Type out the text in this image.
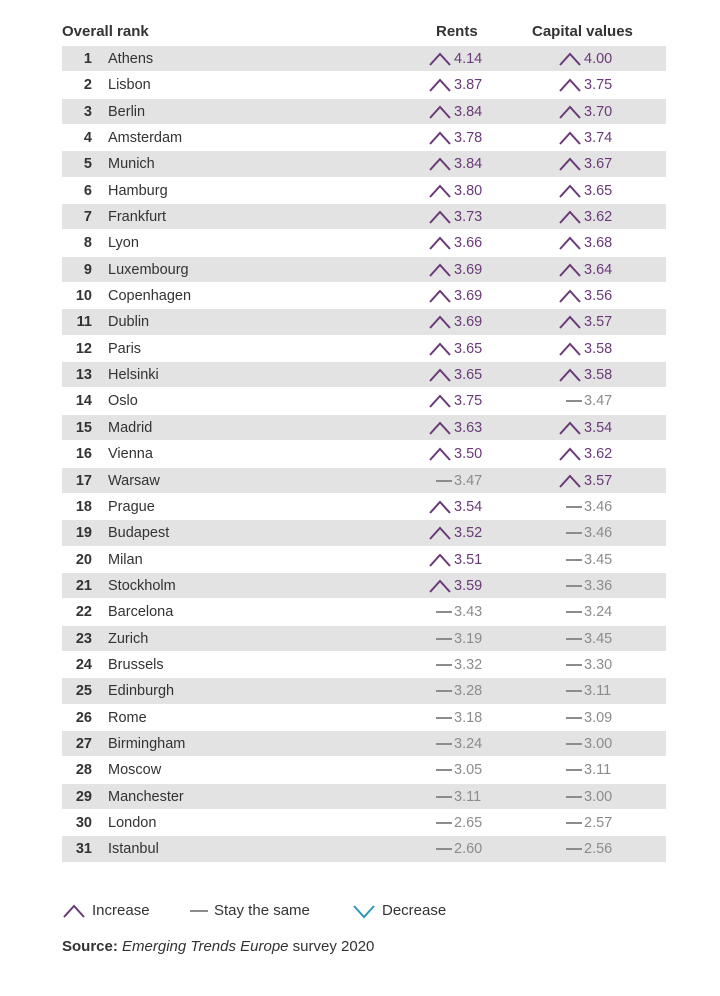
Overall rank	Rents	Capital values
1 Athens	4.14	4.00
2 Lisbon	3.87	3.75
3 Berlin	3.84	3.70
4 Amsterdam	3.78	3.74
5 Munich	3.84	3.67
6 Hamburg	3.80	3.65
7 Frankfurt	3.73	3.62
8 Lyon	3.66	3.68
9 Luxembourg	3.69	3.64
10 Copenhagen	3.69	3.56
11 Dublin	3.69	3.57
12 Paris	3.65	3.58
13 Helsinki	3.65	3.58
14 Oslo	3.75	3.47
15 Madrid	3.63	3.54
16 Vienna	3.50	3.62
17 Warsaw	3.47	3.57
18 Prague	3.54	3.46
19 Budapest	3.52	3.46
20 Milan	3.51	3.45
21 Stockholm	3.59	3.36
22 Barcelona	3.43	3.24
23 Zurich	3.19	3.45
24 Brussels	3.32	3.30
25 Edinburgh	3.28	3.11
26 Rome	3.18	3.09
27 Birmingham	3.24	3.00
28 Moscow	3.05	3.11
29 Manchester	3.11	3.00
30 London	2.65	2.57
31 Istanbul	2.60	2.56
Increase	Stay the same	Decrease
Source: Emerging Trends Europe survey 2020
